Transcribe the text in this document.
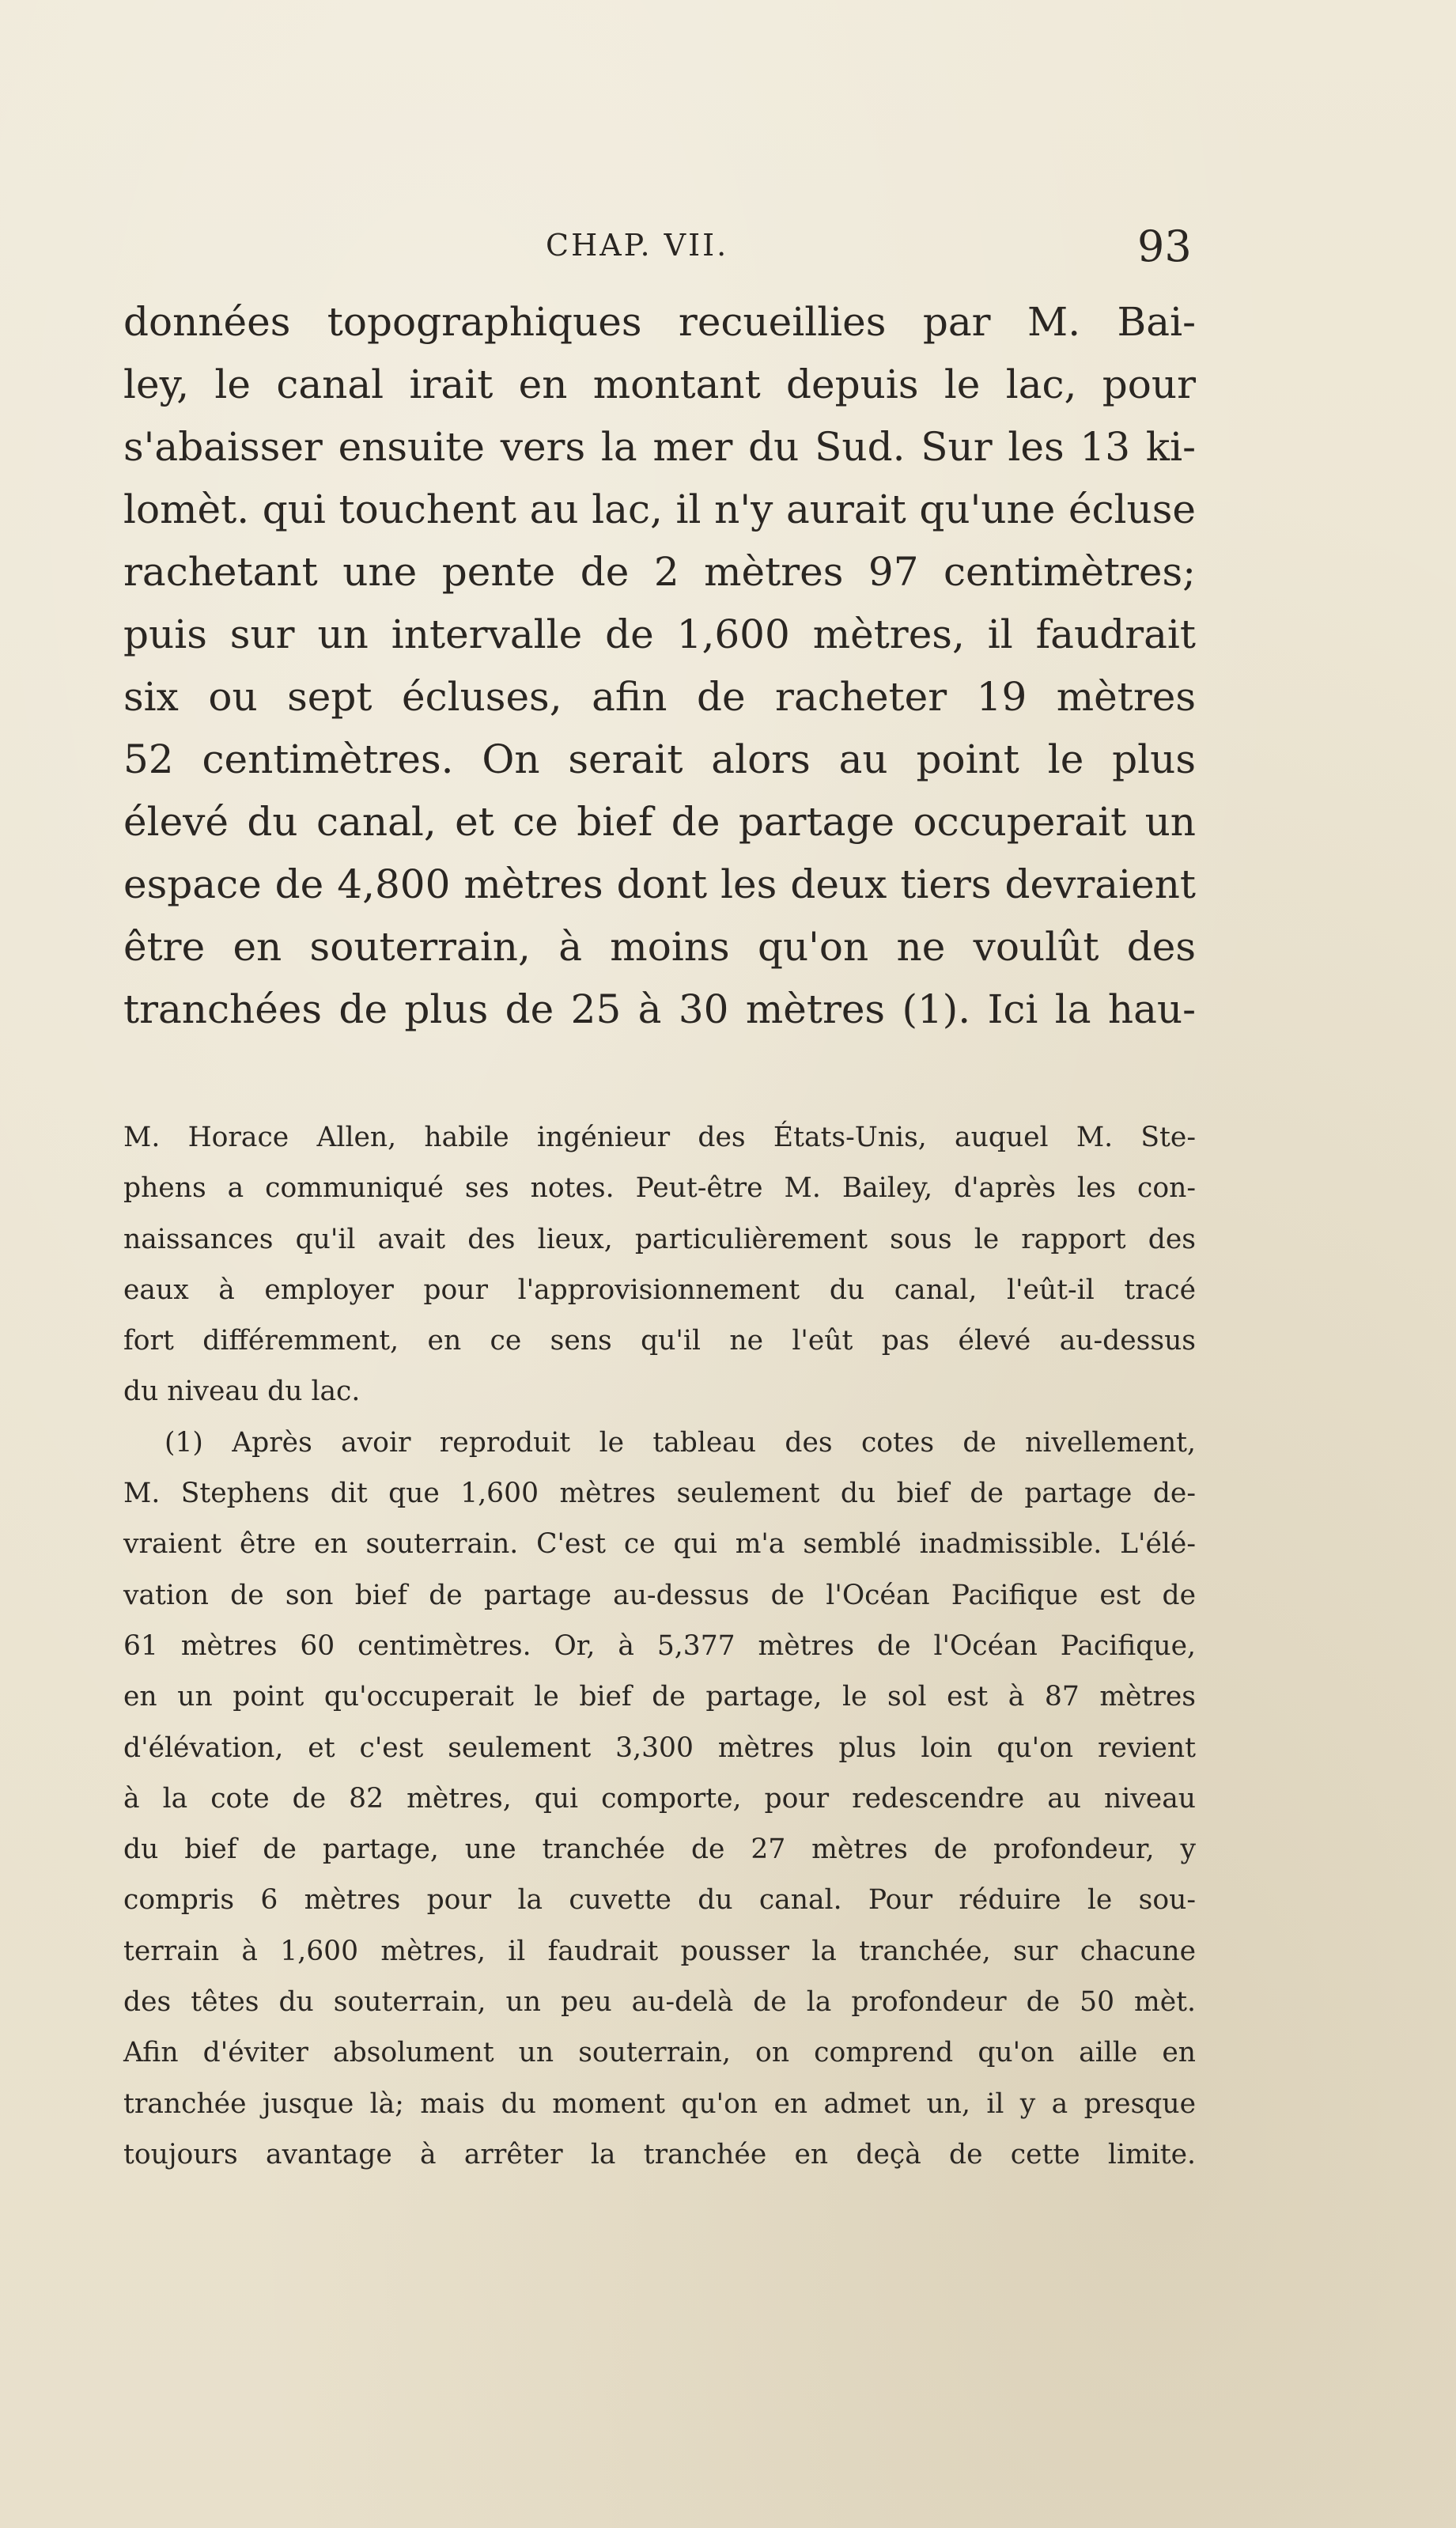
CHAP. VII.	93
données topographiques recueillies par M. Bai-
ley, le canal irait en montant depuis le lac, pour
s'abaisser ensuite vers la mer du Sud. Sur les 13 ki-
lomèt. qui touchent au lac, il n'y aurait qu'une écluse
rachetant une pente de 2 mètres 97 centimètres;
puis sur un intervalle de 1,600 mètres, il faudrait
six ou sept écluses, afin de racheter 19 mètres
52 centimètres. On serait alors au point le plus
élevé du canal, et ce bief de partage occuperait un
espace de 4,800 mètres dont les deux tiers devraient
être en souterrain, à moins qu'on ne voulût des
tranchées de plus de 25 à 30 mètres (1). Ici la hau-
M. Horace Allen, habile ingénieur des États-Unis, auquel M. Ste-
phens a communiqué ses notes. Peut-être M. Bailey, d'après les con-
naissances qu'il avait des lieux, particulièrement sous le rapport des
eaux à employer pour l'approvisionnement du canal, l'eût-il tracé
fort différemment, en ce sens qu'il ne l'eût pas élevé au-dessus
du niveau du lac.
(1) Après avoir reproduit le tableau des cotes de nivellement,
M. Stephens dit que 1,600 mètres seulement du bief de partage de-
vraient être en souterrain. C'est ce qui m'a semblé inadmissible. L'élé-
vation de son bief de partage au-dessus de l'Océan Pacifique est de
61 mètres 60 centimètres. Or, à 5,377 mètres de l'Océan Pacifique,
en un point qu'occuperait le bief de partage, le sol est à 87 mètres
d'élévation, et c'est seulement 3,300 mètres plus loin qu'on revient
à la cote de 82 mètres, qui comporte, pour redescendre au niveau
du bief de partage, une tranchée de 27 mètres de profondeur, y
compris 6 mètres pour la cuvette du canal. Pour réduire le sou-
terrain à 1,600 mètres, il faudrait pousser la tranchée, sur chacune
des têtes du souterrain, un peu au-delà de la profondeur de 50 mèt.
Afin d'éviter absolument un souterrain, on comprend qu'on aille en
tranchée jusque là; mais du moment qu'on en admet un, il y a presque
toujours avantage à arrêter la tranchée en deçà de cette limite.
